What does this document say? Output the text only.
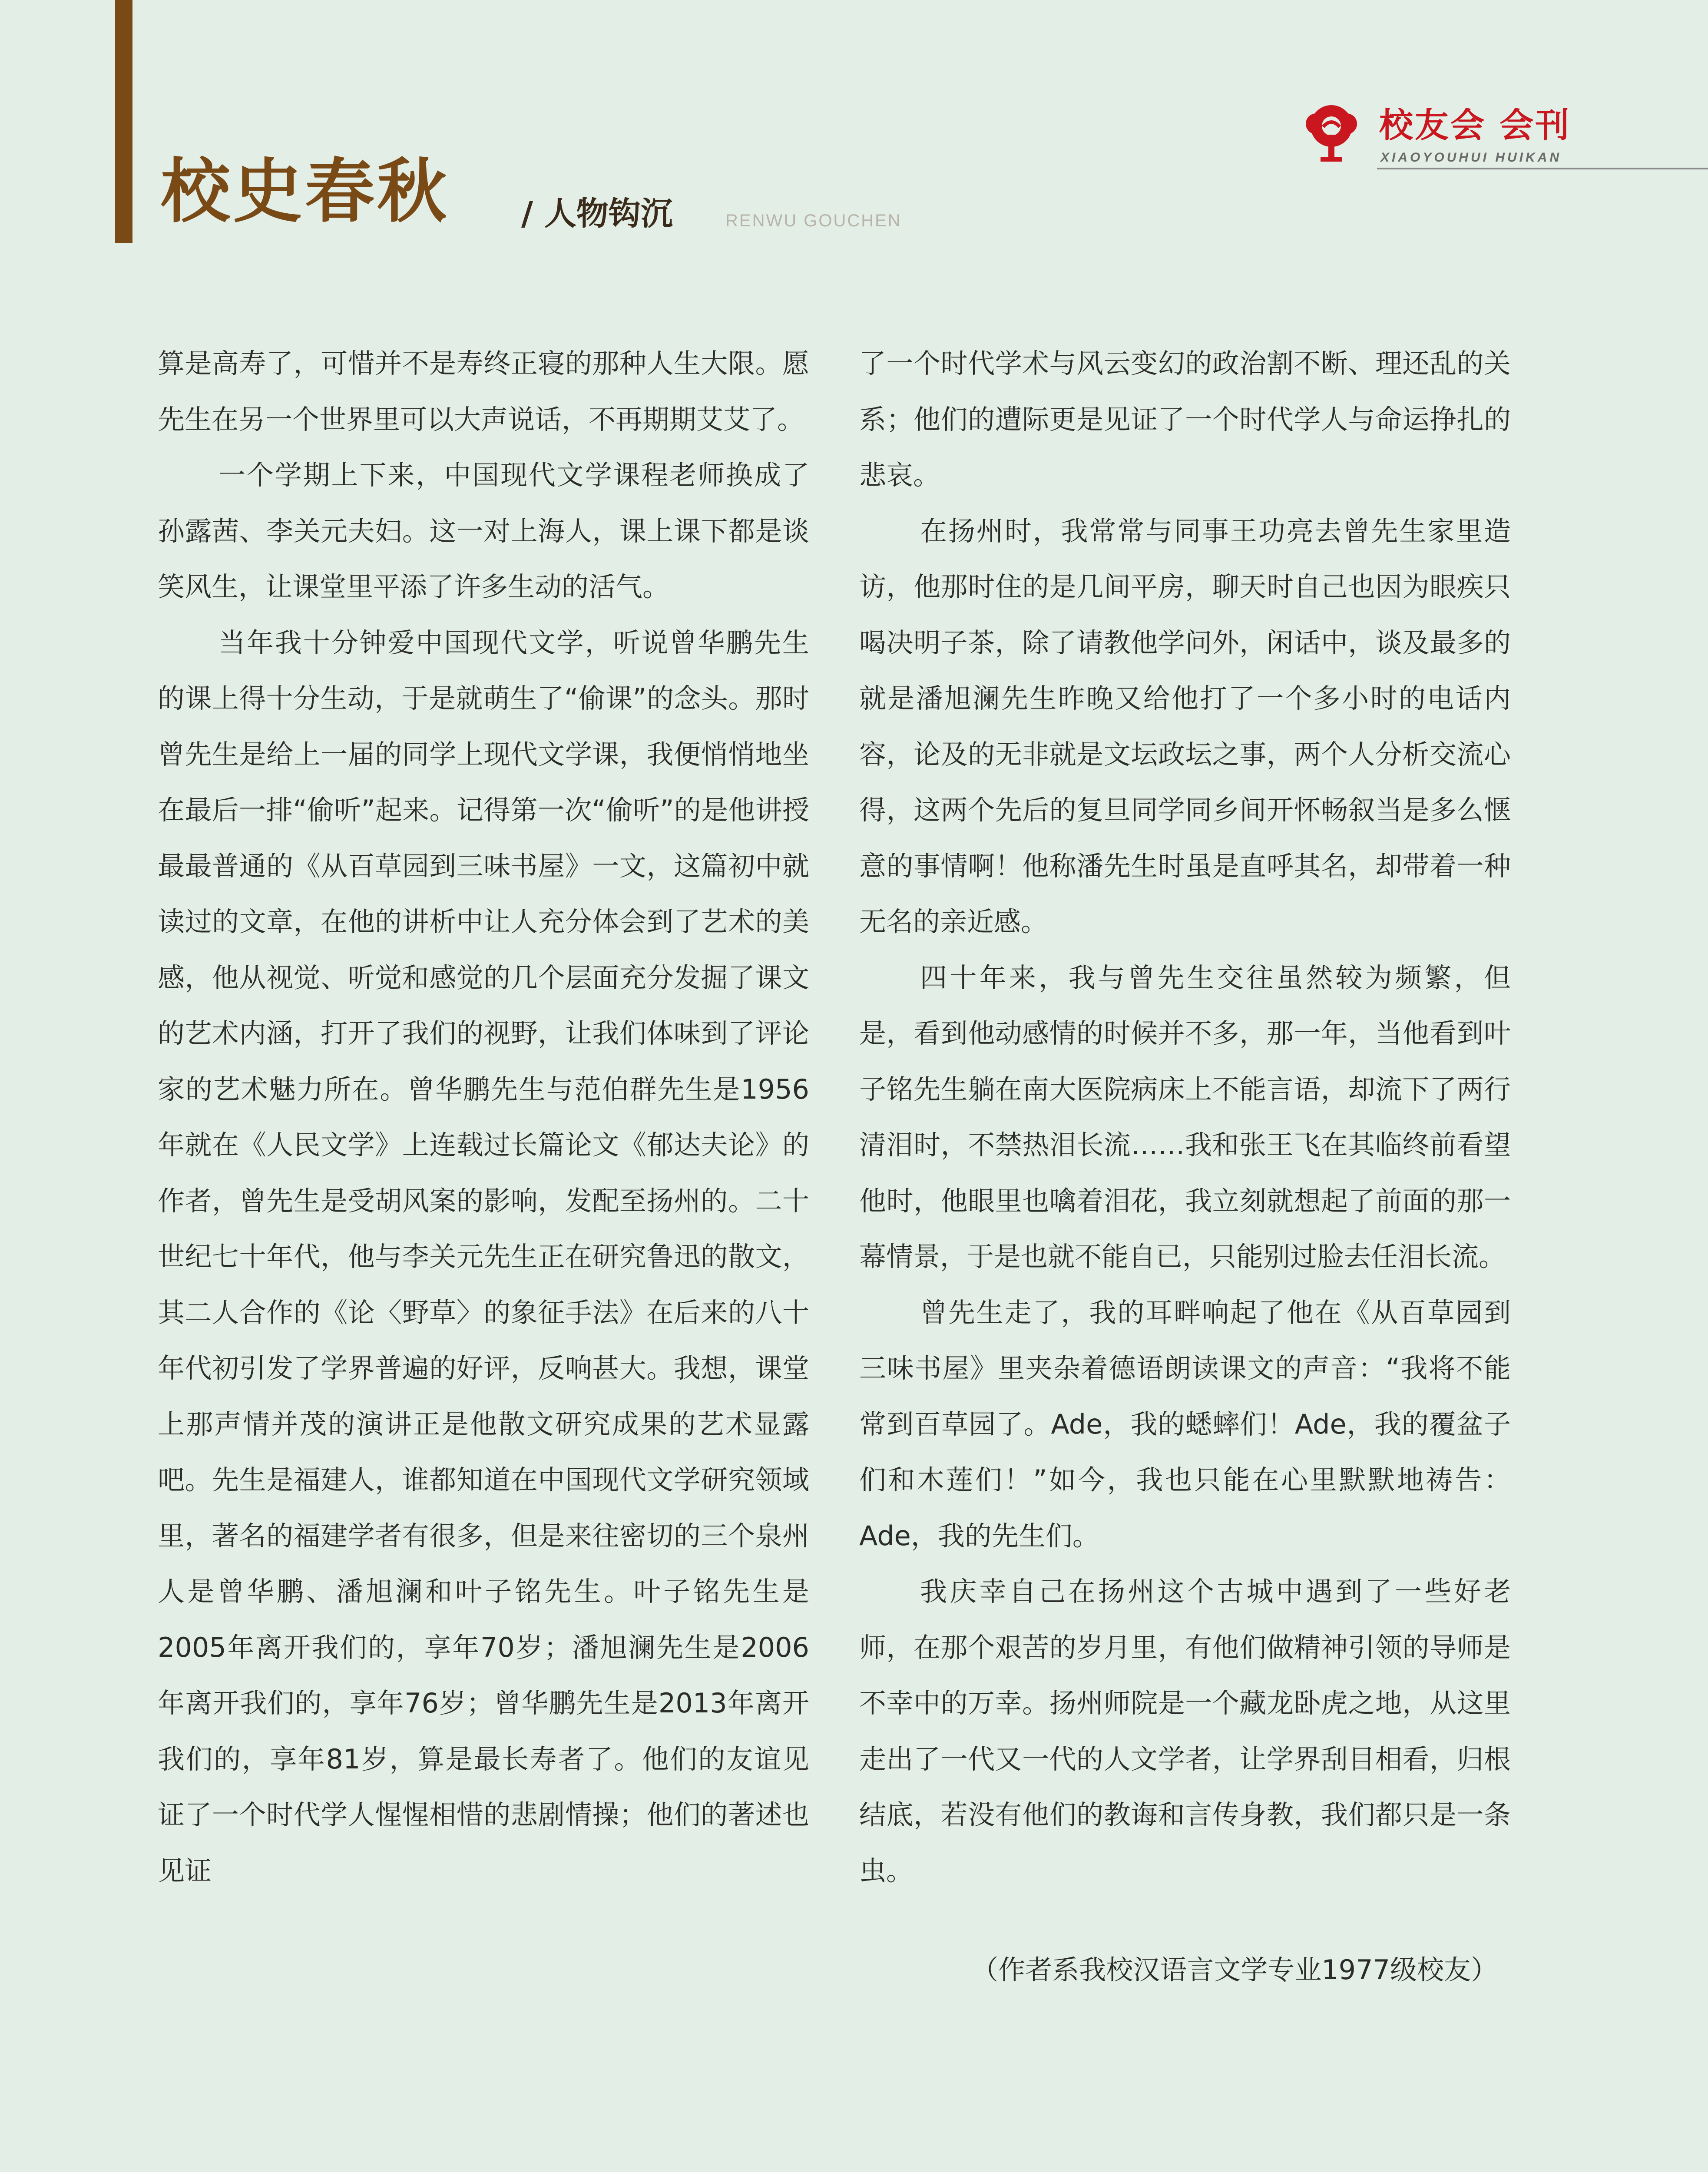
校史春秋 / 人物钩沉	RENWU GOUCHEN
校友会 会刊
XIAOYOUHUI HUIKAN

算是高寿了，可惜并不是寿终正寝的那种人生大限。愿先生在另一个世界里可以大声说话，不再期期艾艾了。

一个学期上下来，中国现代文学课程老师换成了孙露茜、李关元夫妇。这一对上海人，课上课下都是谈笑风生，让课堂里平添了许多生动的活气。

当年我十分钟爱中国现代文学，听说曾华鹏先生的课上得十分生动，于是就萌生了“偷课”的念头。那时曾先生是给上一届的同学上现代文学课，我便悄悄地坐在最后一排“偷听”起来。记得第一次“偷听”的是他讲授最最普通的《从百草园到三味书屋》一文，这篇初中就读过的文章，在他的讲析中让人充分体会到了艺术的美感，他从视觉、听觉和感觉的几个层面充分发掘了课文的艺术内涵，打开了我们的视野，让我们体味到了评论家的艺术魅力所在。曾华鹏先生与范伯群先生是1956年就在《人民文学》上连载过长篇论文《郁达夫论》的作者，曾先生是受胡风案的影响，发配至扬州的。二十世纪七十年代，他与李关元先生正在研究鲁迅的散文，其二人合作的《论〈野草〉的象征手法》在后来的八十年代初引发了学界普遍的好评，反响甚大。我想，课堂上那声情并茂的演讲正是他散文研究成果的艺术显露吧。先生是福建人，谁都知道在中国现代文学研究领域里，著名的福建学者有很多，但是来往密切的三个泉州人是曾华鹏、潘旭澜和叶子铭先生。叶子铭先生是2005年离开我们的，享年70岁；潘旭澜先生是2006年离开我们的，享年76岁；曾华鹏先生是2013年离开我们的，享年81岁，算是最长寿者了。他们的友谊见证了一个时代学人惺惺相惜的悲剧情操；他们的著述也见证

了一个时代学术与风云变幻的政治割不断、理还乱的关系；他们的遭际更是见证了一个时代学人与命运挣扎的悲哀。

在扬州时，我常常与同事王功亮去曾先生家里造访，他那时住的是几间平房，聊天时自己也因为眼疾只喝决明子茶，除了请教他学问外，闲话中，谈及最多的就是潘旭澜先生昨晚又给他打了一个多小时的电话内容，论及的无非就是文坛政坛之事，两个人分析交流心得，这两个先后的复旦同学同乡间开怀畅叙当是多么惬意的事情啊！他称潘先生时虽是直呼其名，却带着一种无名的亲近感。

四十年来，我与曾先生交往虽然较为频繁，但是，看到他动感情的时候并不多，那一年，当他看到叶子铭先生躺在南大医院病床上不能言语，却流下了两行清泪时，不禁热泪长流……我和张王飞在其临终前看望他时，他眼里也噙着泪花，我立刻就想起了前面的那一幕情景，于是也就不能自已，只能别过脸去任泪长流。

曾先生走了，我的耳畔响起了他在《从百草园到三味书屋》里夹杂着德语朗读课文的声音：“我将不能常到百草园了。Ade，我的蟋蟀们！Ade，我的覆盆子们和木莲们！”如今，我也只能在心里默默地祷告：Ade，我的先生们。

我庆幸自己在扬州这个古城中遇到了一些好老师，在那个艰苦的岁月里，有他们做精神引领的导师是不幸中的万幸。扬州师院是一个藏龙卧虎之地，从这里走出了一代又一代的人文学者，让学界刮目相看，归根结底，若没有他们的教诲和言传身教，我们都只是一条虫。

（作者系我校汉语言文学专业1977级校友）
